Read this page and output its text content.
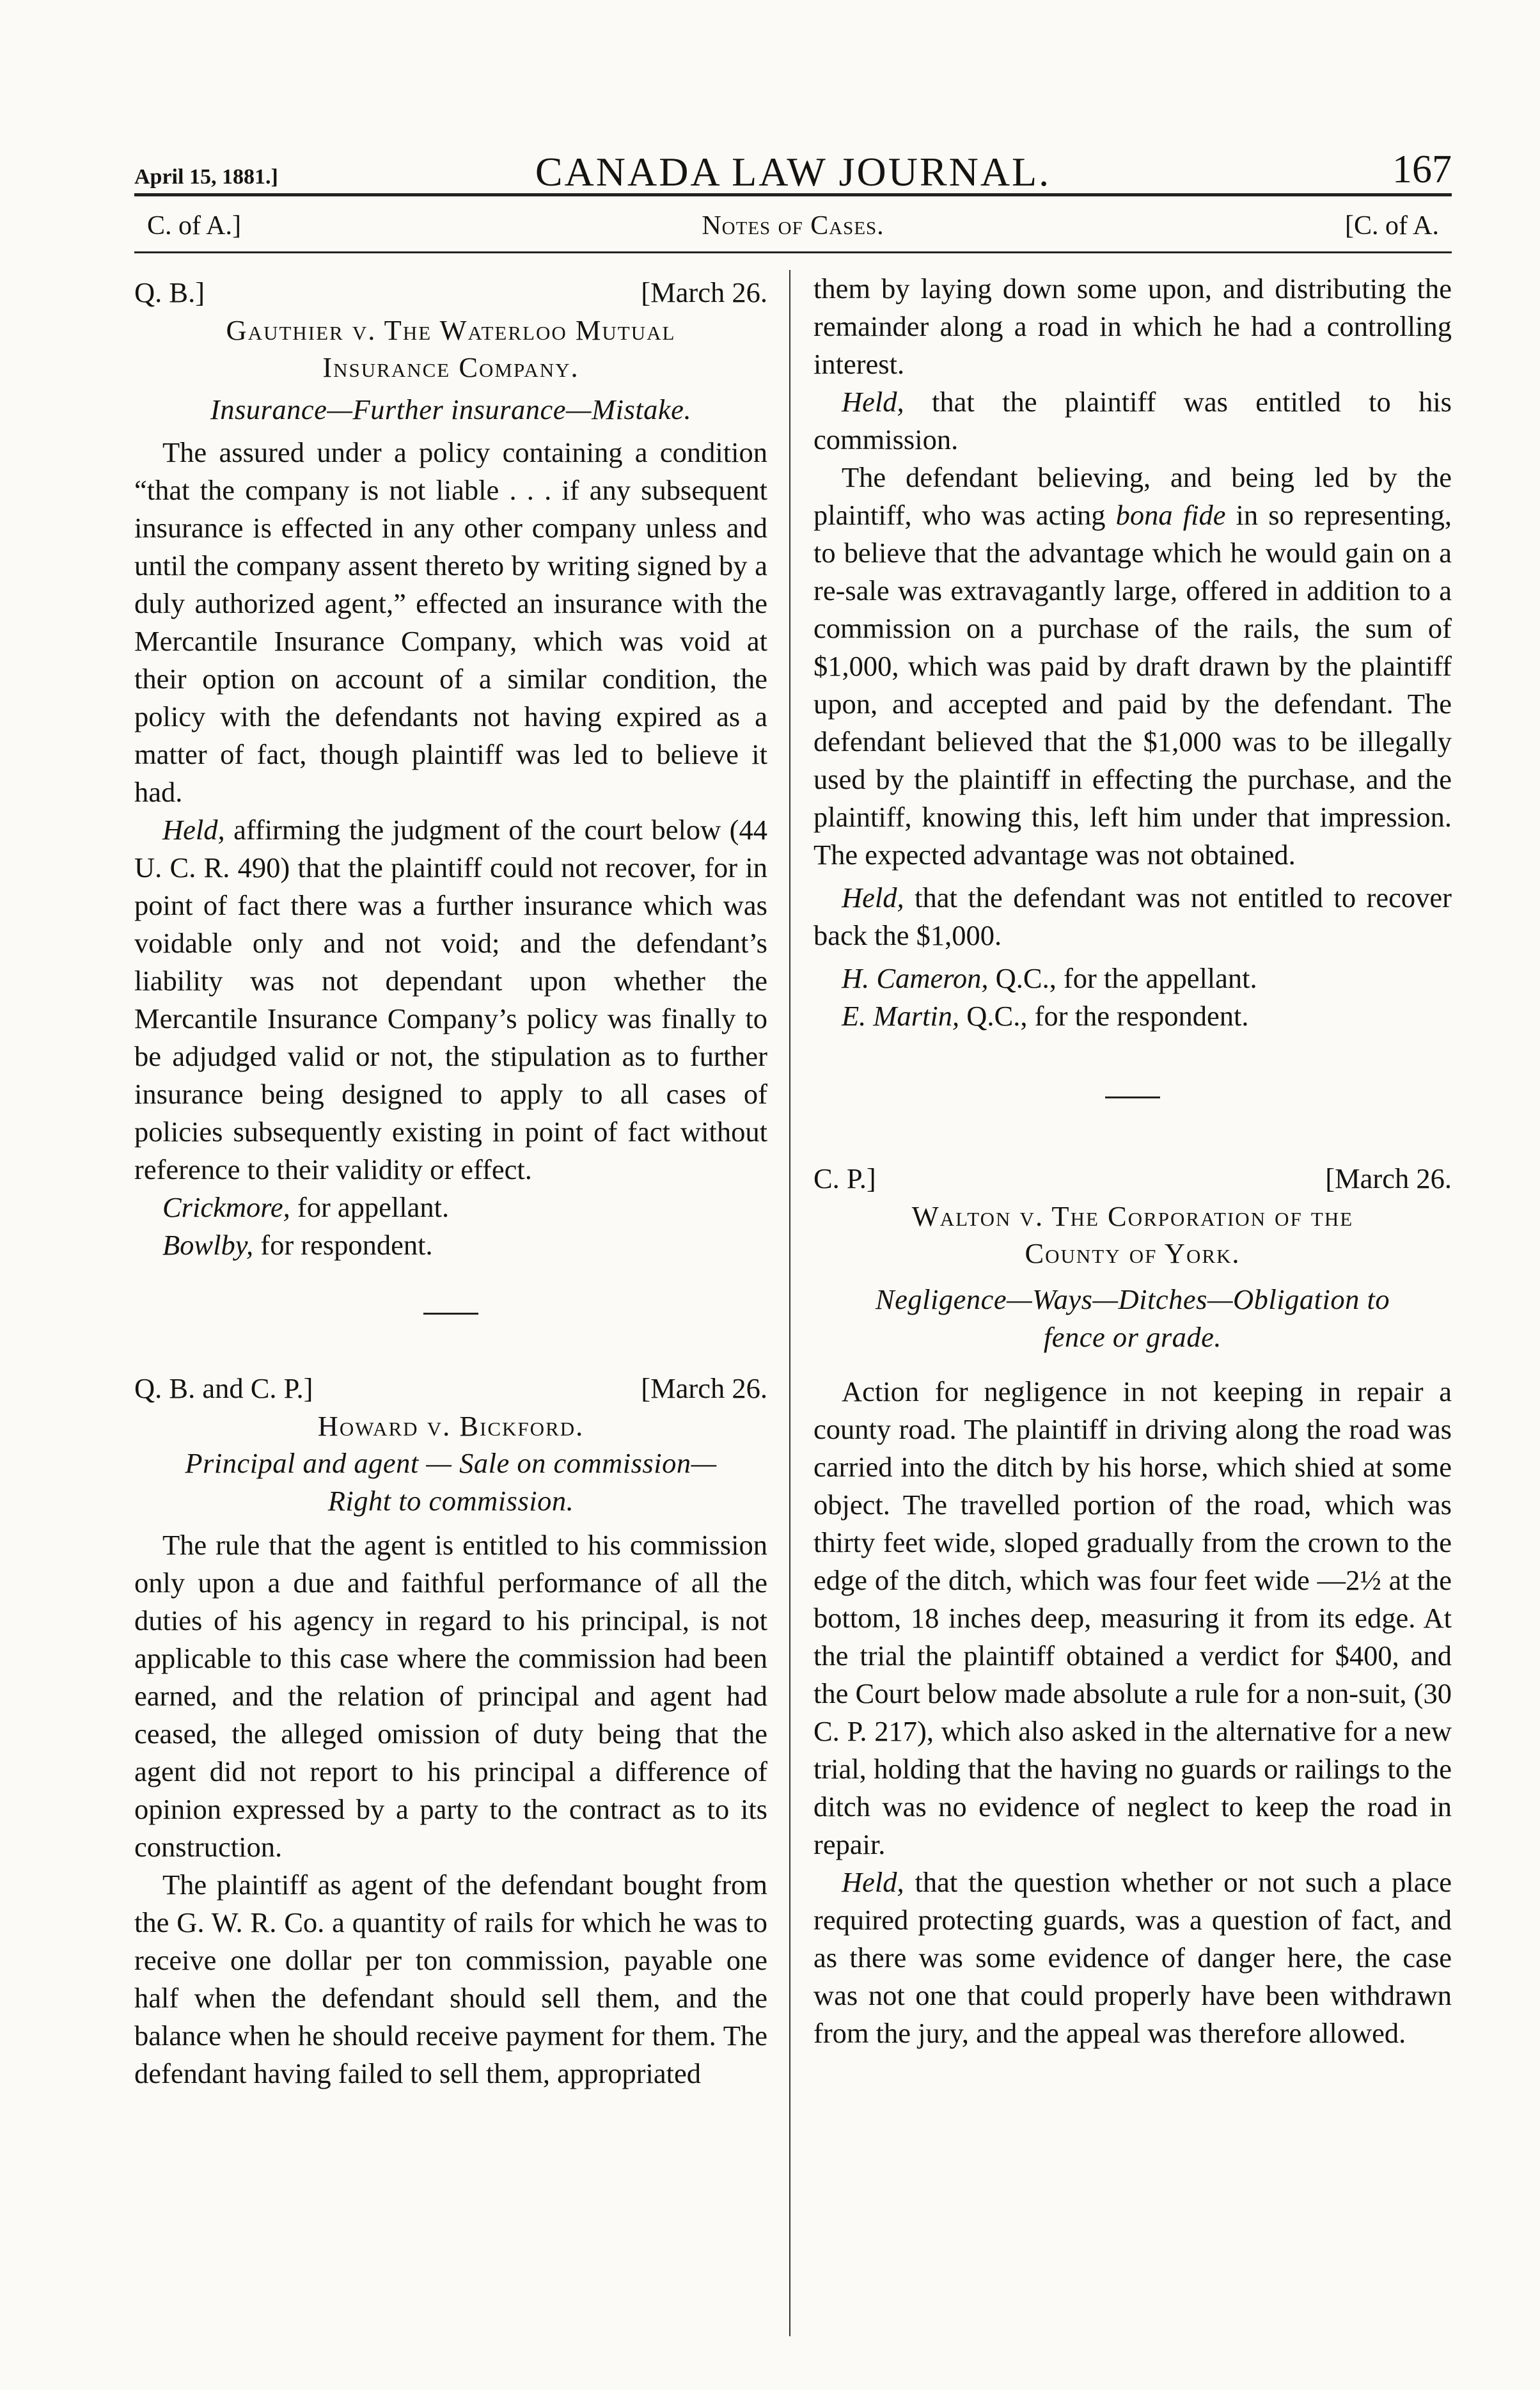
April 15, 1881.]	CANADA LAW JOURNAL.	167
C. of A.]	Notes of Cases.	[C. of A.
Q. B.]	[March 26.
Gauthier v. The Waterloo Mutual
Insurance Company.
Insurance—Further insurance—Mistake.

The assured under a policy containing a condition “that the company is not liable . . . if any subsequent insurance is effected in any other company unless and until the company assent thereto by writing signed by a duly authorized agent,” effected an insurance with the Mercantile Insurance Company, which was void at their option on account of a similar condition, the policy with the defendants not having expired as a matter of fact, though plaintiff was led to believe it had.

Held, affirming the judgment of the court below (44 U. C. R. 490) that the plaintiff could not recover, for in point of fact there was a further insurance which was voidable only and not void; and the defendant’s liability was not dependant upon whether the Mercantile Insurance Company’s policy was finally to be adjudged valid or not, the stipulation as to further insurance being designed to apply to all cases of policies subsequently existing in point of fact without reference to their validity or effect.

Crickmore, for appellant.
Bowlby, for respondent.
Q. B. and C. P.]	[March 26.
Howard v. Bickford.
Principal and agent — Sale on commission—
Right to commission.

The rule that the agent is entitled to his commission only upon a due and faithful performance of all the duties of his agency in regard to his principal, is not applicable to this case where the commission had been earned, and the relation of principal and agent had ceased, the alleged omission of duty being that the agent did not report to his principal a difference of opinion expressed by a party to the contract as to its construction.

The plaintiff as agent of the defendant bought from the G. W. R. Co. a quantity of rails for which he was to receive one dollar per ton commission, payable one half when the defendant should sell them, and the balance when he should receive payment for them. The defendant having failed to sell them, appropriated

them by laying down some upon, and distributing the remainder along a road in which he had a controlling interest.

Held, that the plaintiff was entitled to his commission.

The defendant believing, and being led by the plaintiff, who was acting bona fide in so representing, to believe that the advantage which he would gain on a re-sale was extravagantly large, offered in addition to a commission on a purchase of the rails, the sum of $1,000, which was paid by draft drawn by the plaintiff upon, and accepted and paid by the defendant. The defendant believed that the $1,000 was to be illegally used by the plaintiff in effecting the purchase, and the plaintiff, knowing this, left him under that impression. The expected advantage was not obtained.

Held, that the defendant was not entitled to recover back the $1,000.

H. Cameron, Q.C., for the appellant.
E. Martin, Q.C., for the respondent.
C. P.]	[March 26.
Walton v. The Corporation of the
County of York.
Negligence—Ways—Ditches—Obligation to
fence or grade.

Action for negligence in not keeping in repair a county road. The plaintiff in driving along the road was carried into the ditch by his horse, which shied at some object. The travelled portion of the road, which was thirty feet wide, sloped gradually from the crown to the edge of the ditch, which was four feet wide —2½ at the bottom, 18 inches deep, measuring it from its edge. At the trial the plaintiff obtained a verdict for $400, and the Court below made absolute a rule for a non-suit, (30 C. P. 217), which also asked in the alternative for a new trial, holding that the having no guards or railings to the ditch was no evidence of neglect to keep the road in repair.

Held, that the question whether or not such a place required protecting guards, was a question of fact, and as there was some evidence of danger here, the case was not one that could properly have been withdrawn from the jury, and the appeal was therefore allowed.
